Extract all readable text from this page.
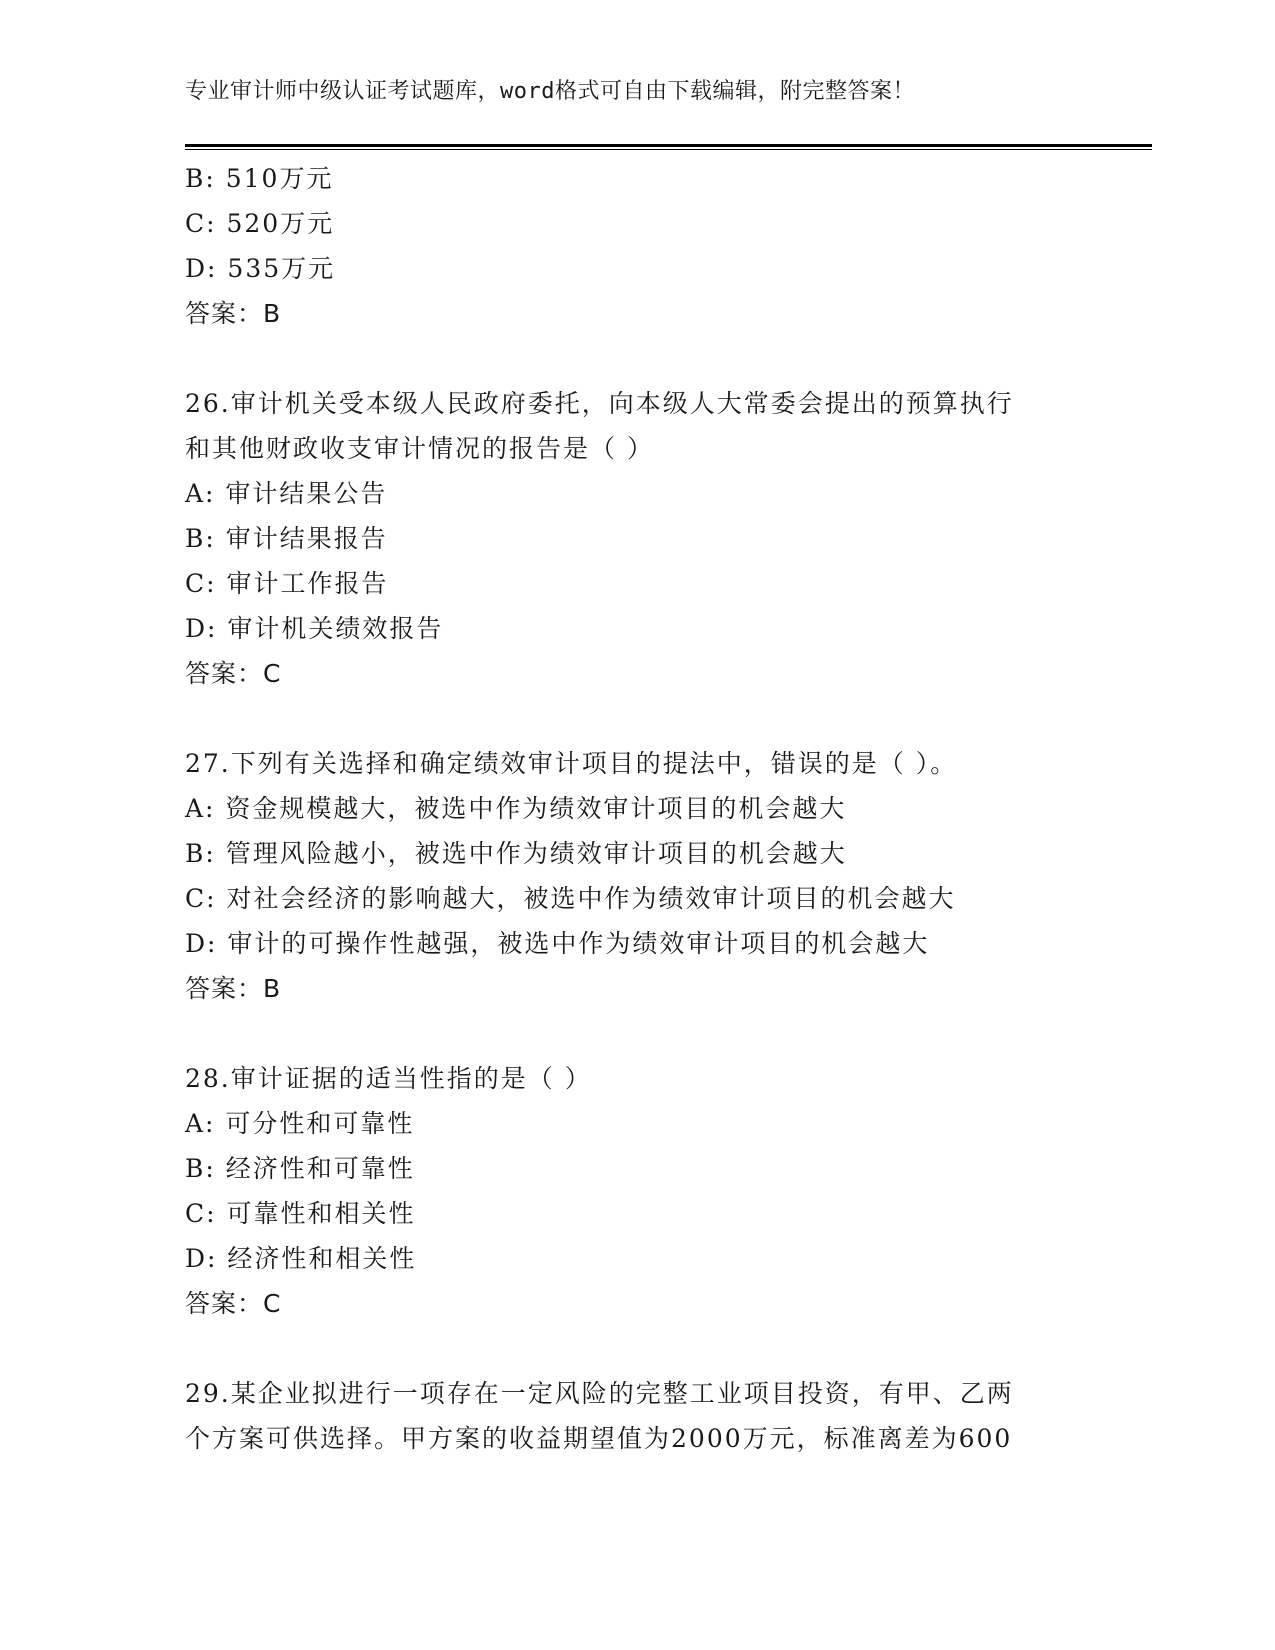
专业审计师中级认证考试题库，word格式可自由下载编辑，附完整答案！
B: 510万元
C: 520万元
D: 535万元
答案：B
26.审计机关受本级人民政府委托，向本级人大常委会提出的预算执行
和其他财政收支审计情况的报告是（ ）
A: 审计结果公告
B: 审计结果报告
C: 审计工作报告
D: 审计机关绩效报告
答案：C
27.下列有关选择和确定绩效审计项目的提法中，错误的是（ ）。
A: 资金规模越大，被选中作为绩效审计项目的机会越大
B: 管理风险越小，被选中作为绩效审计项目的机会越大
C: 对社会经济的影响越大，被选中作为绩效审计项目的机会越大
D: 审计的可操作性越强，被选中作为绩效审计项目的机会越大
答案：B
28.审计证据的适当性指的是（ ）
A: 可分性和可靠性
B: 经济性和可靠性
C: 可靠性和相关性
D: 经济性和相关性
答案：C
29.某企业拟进行一项存在一定风险的完整工业项目投资，有甲、乙两
个方案可供选择。甲方案的收益期望值为2000万元，标准离差为600
